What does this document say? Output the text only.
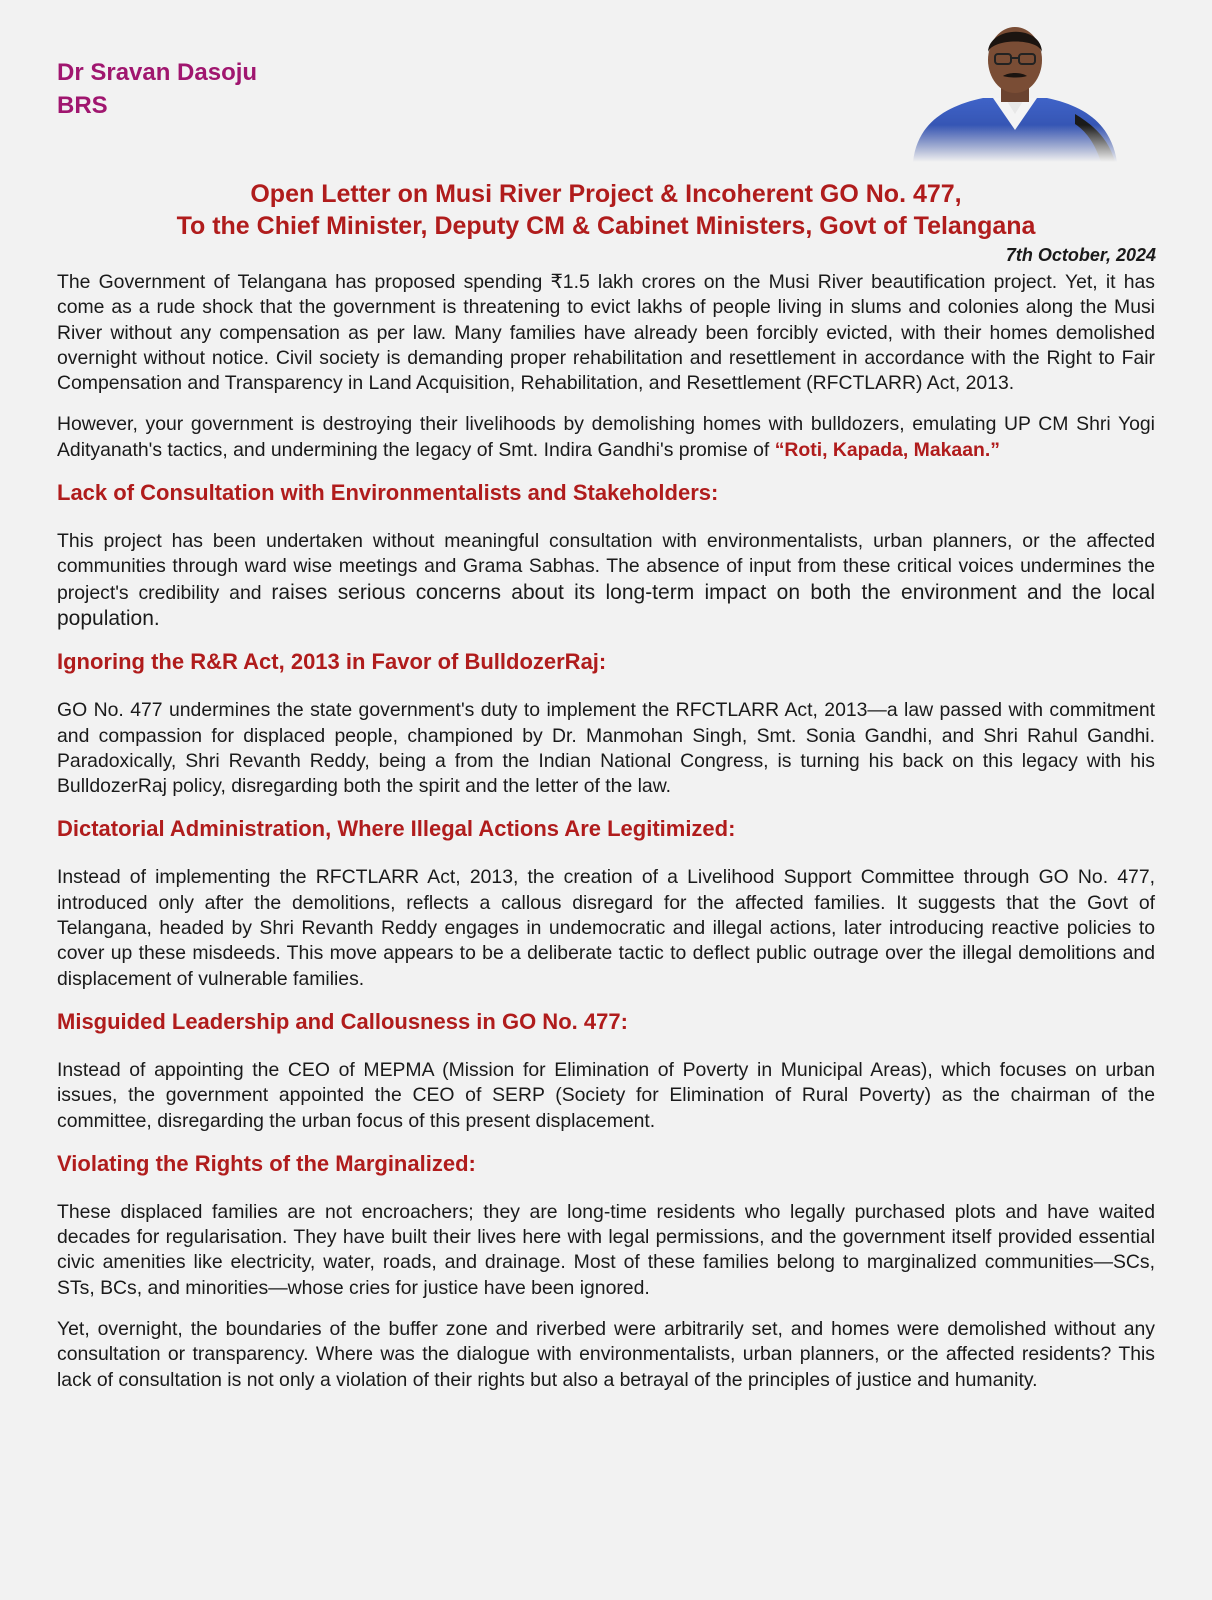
Dr Sravan Dasoju
BRS
Open Letter on Musi River Project & Incoherent GO No. 477,
To the Chief Minister, Deputy CM & Cabinet Ministers, Govt of Telangana
7th October, 2024

The Government of Telangana has proposed spending ₹1.5 lakh crores on the Musi River beautification project. Yet, it has come as a rude shock that the government is threatening to evict lakhs of people living in slums and colonies along the Musi River without any compensation as per law. Many families have already been forcibly evicted, with their homes demolished overnight without notice. Civil society is demanding proper rehabilitation and resettlement in accordance with the Right to Fair Compensation and Transparency in Land Acquisition, Rehabilitation, and Resettlement (RFCTLARR) Act, 2013.

However, your government is destroying their livelihoods by demolishing homes with bulldozers, emulating UP CM Shri Yogi Adityanath's tactics, and undermining the legacy of Smt. Indira Gandhi's promise of “Roti, Kapada, Makaan.”

Lack of Consultation with Environmentalists and Stakeholders:

This project has been undertaken without meaningful consultation with environmentalists, urban planners, or the affected communities through ward wise meetings and Grama Sabhas. The absence of input from these critical voices undermines the project's credibility and raises serious concerns about its long-term impact on both the environment and the local population.

Ignoring the R&R Act, 2013 in Favor of BulldozerRaj:

GO No. 477 undermines the state government's duty to implement the RFCTLARR Act, 2013—a law passed with commitment and compassion for displaced people, championed by Dr. Manmohan Singh, Smt. Sonia Gandhi, and Shri Rahul Gandhi. Paradoxically, Shri Revanth Reddy, being a from the Indian National Congress, is turning his back on this legacy with his BulldozerRaj policy, disregarding both the spirit and the letter of the law.

Dictatorial Administration, Where Illegal Actions Are Legitimized:

Instead of implementing the RFCTLARR Act, 2013, the creation of a Livelihood Support Committee through GO No. 477, introduced only after the demolitions, reflects a callous disregard for the affected families. It suggests that the Govt of Telangana, headed by Shri Revanth Reddy engages in undemocratic and illegal actions, later introducing reactive policies to cover up these misdeeds. This move appears to be a deliberate tactic to deflect public outrage over the illegal demolitions and displacement of vulnerable families.

Misguided Leadership and Callousness in GO No. 477:

Instead of appointing the CEO of MEPMA (Mission for Elimination of Poverty in Municipal Areas), which focuses on urban issues, the government appointed the CEO of SERP (Society for Elimination of Rural Poverty) as the chairman of the committee, disregarding the urban focus of this present displacement.

Violating the Rights of the Marginalized:

These displaced families are not encroachers; they are long-time residents who legally purchased plots and have waited decades for regularisation. They have built their lives here with legal permissions, and the government itself provided essential civic amenities like electricity, water, roads, and drainage. Most of these families belong to marginalized communities—SCs, STs, BCs, and minorities—whose cries for justice have been ignored.

Yet, overnight, the boundaries of the buffer zone and riverbed were arbitrarily set, and homes were demolished without any consultation or transparency. Where was the dialogue with environmentalists, urban planners, or the affected residents? This lack of consultation is not only a violation of their rights but also a betrayal of the principles of justice and humanity.
